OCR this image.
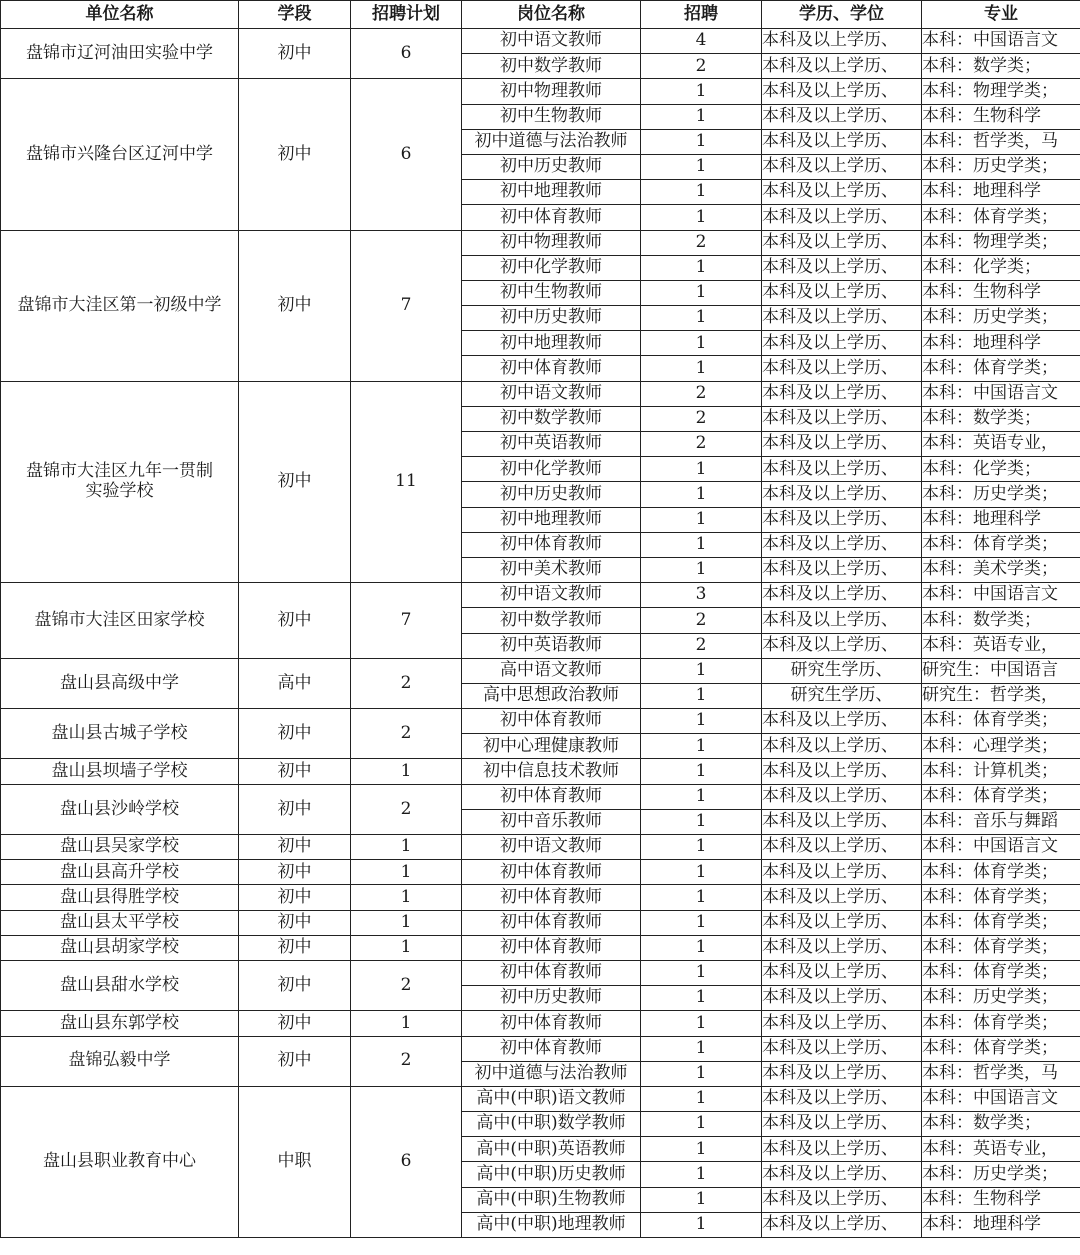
单位名称	学段	招聘计划	岗位名称	招聘	学历、学位	专业
盘锦市辽河油田实验中学	初中	6	初中语文教师	4	本科及以上学历、	本科：中国语言文
			初中数学教师	2	本科及以上学历、	本科：数学类；
盘锦市兴隆台区辽河中学	初中	6	初中物理教师	1	本科及以上学历、	本科：物理学类；
			初中生物教师	1	本科及以上学历、	本科：生物科学
			初中道德与法治教师	1	本科及以上学历、	本科：哲学类，马
			初中历史教师	1	本科及以上学历、	本科：历史学类；
			初中地理教师	1	本科及以上学历、	本科：地理科学
			初中体育教师	1	本科及以上学历、	本科：体育学类；
盘锦市大洼区第一初级中学	初中	7	初中物理教师	2	本科及以上学历、	本科：物理学类；
			初中化学教师	1	本科及以上学历、	本科：化学类；
			初中生物教师	1	本科及以上学历、	本科：生物科学
			初中历史教师	1	本科及以上学历、	本科：历史学类；
			初中地理教师	1	本科及以上学历、	本科：地理科学
			初中体育教师	1	本科及以上学历、	本科：体育学类；

盘锦市大洼区九年一贯制
实验学校	初中	11	初中语文教师	2	本科及以上学历、	本科：中国语言文
			初中数学教师	2	本科及以上学历、	本科：数学类；
			初中英语教师	2	本科及以上学历、	本科：英语专业，
			初中化学教师	1	本科及以上学历、	本科：化学类；
			初中历史教师	1	本科及以上学历、	本科：历史学类；
			初中地理教师	1	本科及以上学历、	本科：地理科学
			初中体育教师	1	本科及以上学历、	本科：体育学类；
			初中美术教师	1	本科及以上学历、	本科：美术学类；
盘锦市大洼区田家学校	初中	7	初中语文教师	3	本科及以上学历、	本科：中国语言文
			初中数学教师	2	本科及以上学历、	本科：数学类；
			初中英语教师	2	本科及以上学历、	本科：英语专业，
盘山县高级中学	高中	2	高中语文教师	1	研究生学历、	研究生：中国语言
			高中思想政治教师	1	研究生学历、	研究生：哲学类，
盘山县古城子学校	初中	2	初中体育教师	1	本科及以上学历、	本科：体育学类；
			初中心理健康教师	1	本科及以上学历、	本科：心理学类；
盘山县坝墙子学校	初中	1	初中信息技术教师	1	本科及以上学历、	本科：计算机类；
盘山县沙岭学校	初中	2	初中体育教师	1	本科及以上学历、	本科：体育学类；
			初中音乐教师	1	本科及以上学历、	本科：音乐与舞蹈
盘山县吴家学校	初中	1	初中语文教师	1	本科及以上学历、	本科：中国语言文
盘山县高升学校	初中	1	初中体育教师	1	本科及以上学历、	本科：体育学类；
盘山县得胜学校	初中	1	初中体育教师	1	本科及以上学历、	本科：体育学类；
盘山县太平学校	初中	1	初中体育教师	1	本科及以上学历、	本科：体育学类；
盘山县胡家学校	初中	1	初中体育教师	1	本科及以上学历、	本科：体育学类；
盘山县甜水学校	初中	2	初中体育教师	1	本科及以上学历、	本科：体育学类；
			初中历史教师	1	本科及以上学历、	本科：历史学类；
盘山县东郭学校	初中	1	初中体育教师	1	本科及以上学历、	本科：体育学类；
盘锦弘毅中学	初中	2	初中体育教师	1	本科及以上学历、	本科：体育学类；
			初中道德与法治教师	1	本科及以上学历、	本科：哲学类，马
盘山县职业教育中心	中职	6	高中(中职)语文教师	1	本科及以上学历、	本科：中国语言文
			高中(中职)数学教师	1	本科及以上学历、	本科：数学类；
			高中(中职)英语教师	1	本科及以上学历、	本科：英语专业，
			高中(中职)历史教师	1	本科及以上学历、	本科：历史学类；
			高中(中职)生物教师	1	本科及以上学历、	本科：生物科学
			高中(中职)地理教师	1	本科及以上学历、	本科：地理科学
